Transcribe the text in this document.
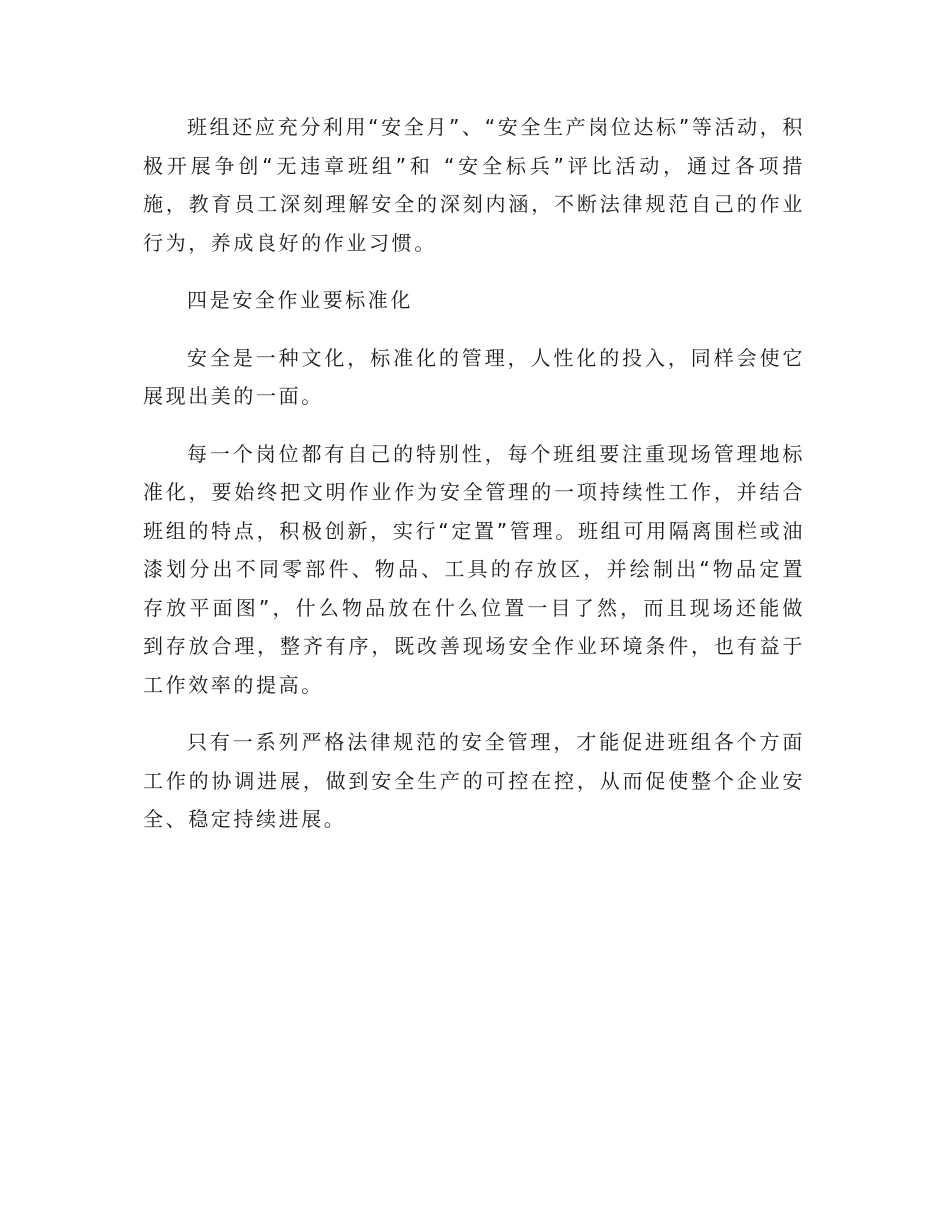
班组还应充分利用“安全月”、“安全生产岗位达标”等活动，积极开展争创“无违章班组”和 “安全标兵”评比活动，通过各项措施，教育员工深刻理解安全的深刻内涵，不断法律规范自己的作业行为，养成良好的作业习惯。

四是安全作业要标准化

安全是一种文化，标准化的管理，人性化的投入，同样会使它展现出美的一面。

每一个岗位都有自己的特别性，每个班组要注重现场管理地标准化，要始终把文明作业作为安全管理的一项持续性工作，并结合班组的特点，积极创新，实行“定置”管理。班组可用隔离围栏或油漆划分出不同零部件、物品、工具的存放区，并绘制出“物品定置存放平面图”，什么物品放在什么位置一目了然，而且现场还能做到存放合理，整齐有序，既改善现场安全作业环境条件，也有益于工作效率的提高。

只有一系列严格法律规范的安全管理，才能促进班组各个方面工作的协调进展，做到安全生产的可控在控，从而促使整个企业安全、稳定持续进展。
